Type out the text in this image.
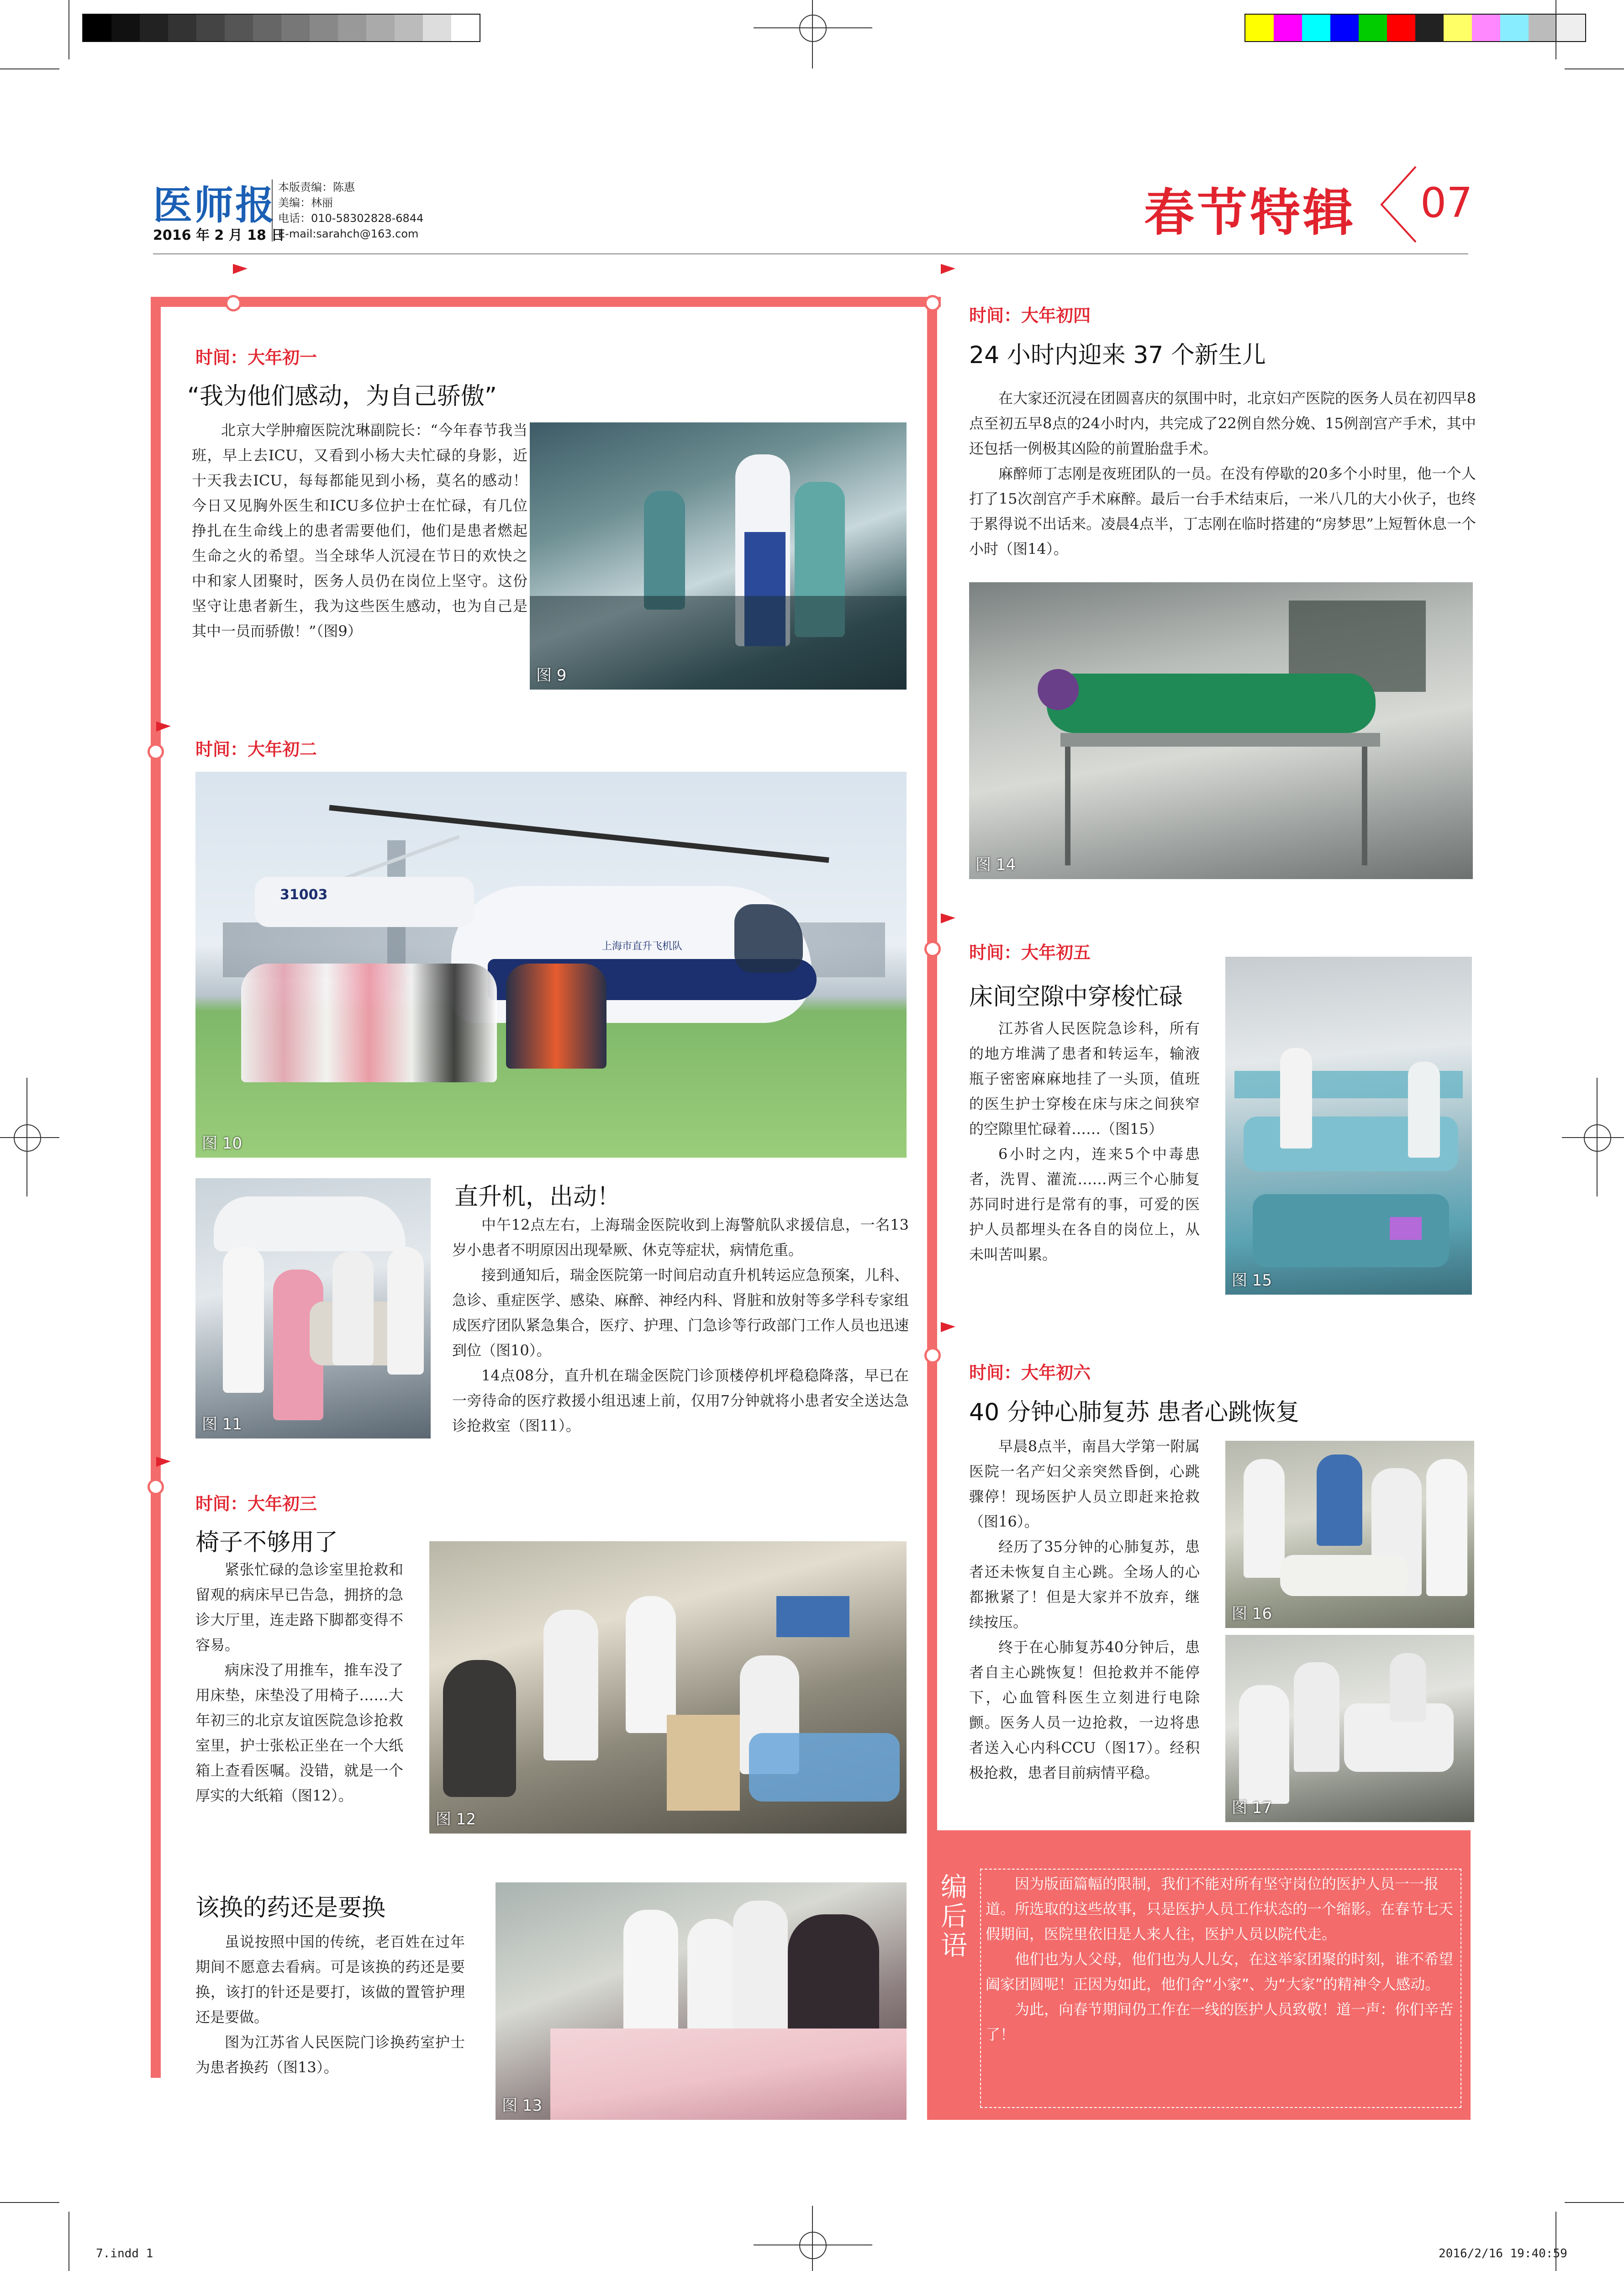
医师报
2016 年 2 月 18 日
本版责编：陈惠
美编：林丽
电话：010-58302828-6844
E-mail:sarahch@163.com	春节特辑 07
时间：大年初一
“我为他们感动，为自己骄傲”
北京大学肿瘤医院沈琳副院长：“今年春节我当班，早上去ICU，又看到小杨大夫忙碌的身影，近十天我去ICU，每每都能见到小杨，莫名的感动！今日又见胸外医生和ICU多位护士在忙碌，有几位挣扎在生命线上的患者需要他们，他们是患者燃起生命之火的希望。当全球华人沉浸在节日的欢快之中和家人团聚时，医务人员仍在岗位上坚守。这份坚守让患者新生，我为这些医生感动，也为自己是其中一员而骄傲！”（图9）
图 9
时间：大年初二
31003
上海市直升飞机队
图 10
图 11
直升机，出动！

中午12点左右，上海瑞金医院收到上海警航队求援信息，一名13岁小患者不明原因出现晕厥、休克等症状，病情危重。

接到通知后，瑞金医院第一时间启动直升机转运应急预案，儿科、急诊、重症医学、感染、麻醉、神经内科、肾脏和放射等多学科专家组成医疗团队紧急集合，医疗、护理、门急诊等行政部门工作人员也迅速到位（图10）。

14点08分，直升机在瑞金医院门诊顶楼停机坪稳稳降落，早已在一旁待命的医疗救援小组迅速上前，仅用7分钟就将小患者安全送达急诊抢救室（图11）。

时间：大年初三
椅子不够用了

紧张忙碌的急诊室里抢救和留观的病床早已告急，拥挤的急诊大厅里，连走路下脚都变得不容易。

病床没了用推车，推车没了用床垫，床垫没了用椅子……大年初三的北京友谊医院急诊抢救室里，护士张松正坐在一个大纸箱上查看医嘱。没错，就是一个厚实的大纸箱（图12）。

图 12
该换的药还是要换

虽说按照中国的传统，老百姓在过年期间不愿意去看病。可是该换的药还是要换，该打的针还是要打，该做的置管护理还是要做。

图为江苏省人民医院门诊换药室护士为患者换药（图13）。

图 13
时间：大年初四
24 小时内迎来 37 个新生儿

在大家还沉浸在团圆喜庆的氛围中时，北京妇产医院的医务人员在初四早8点至初五早8点的24小时内，共完成了22例自然分娩、15例剖宫产手术，其中还包括一例极其凶险的前置胎盘手术。

麻醉师丁志刚是夜班团队的一员。在没有停歇的20多个小时里，他一个人打了15次剖宫产手术麻醉。最后一台手术结束后，一米八几的大小伙子，也终于累得说不出话来。凌晨4点半，丁志刚在临时搭建的“房梦思”上短暂休息一个小时（图14）。

图 14
时间：大年初五
床间空隙中穿梭忙碌

江苏省人民医院急诊科，所有的地方堆满了患者和转运车，输液瓶子密密麻麻地挂了一头顶，值班的医生护士穿梭在床与床之间狭窄的空隙里忙碌着……（图15）

6小时之内，连来5个中毒患者，洗胃、灌流……两三个心肺复苏同时进行是常有的事，可爱的医护人员都埋头在各自的岗位上，从未叫苦叫累。

图 15
时间：大年初六
40 分钟心肺复苏 患者心跳恢复

早晨8点半，南昌大学第一附属医院一名产妇父亲突然昏倒，心跳骤停！现场医护人员立即赶来抢救（图16）。

经历了35分钟的心肺复苏，患者还未恢复自主心跳。全场人的心都揪紧了！但是大家并不放弃，继续按压。

终于在心肺复苏40分钟后，患者自主心跳恢复！但抢救并不能停下，心血管科医生立刻进行电除颤。医务人员一边抢救，一边将患者送入心内科CCU（图17）。经积极抢救，患者目前病情平稳。

图 16
图 17
编后语

因为版面篇幅的限制，我们不能对所有坚守岗位的医护人员一一报道。所选取的这些故事，只是医护人员工作状态的一个缩影。在春节七天假期间，医院里依旧是人来人往，医护人员以院代走。

他们也为人父母，他们也为人儿女，在这举家团聚的时刻，谁不希望阖家团圆呢！正因为如此，他们舍“小家”、为“大家”的精神令人感动。

为此，向春节期间仍工作在一线的医护人员致敬！道一声：你们辛苦了！

7.indd 1	2016/2/16 19:40:59
